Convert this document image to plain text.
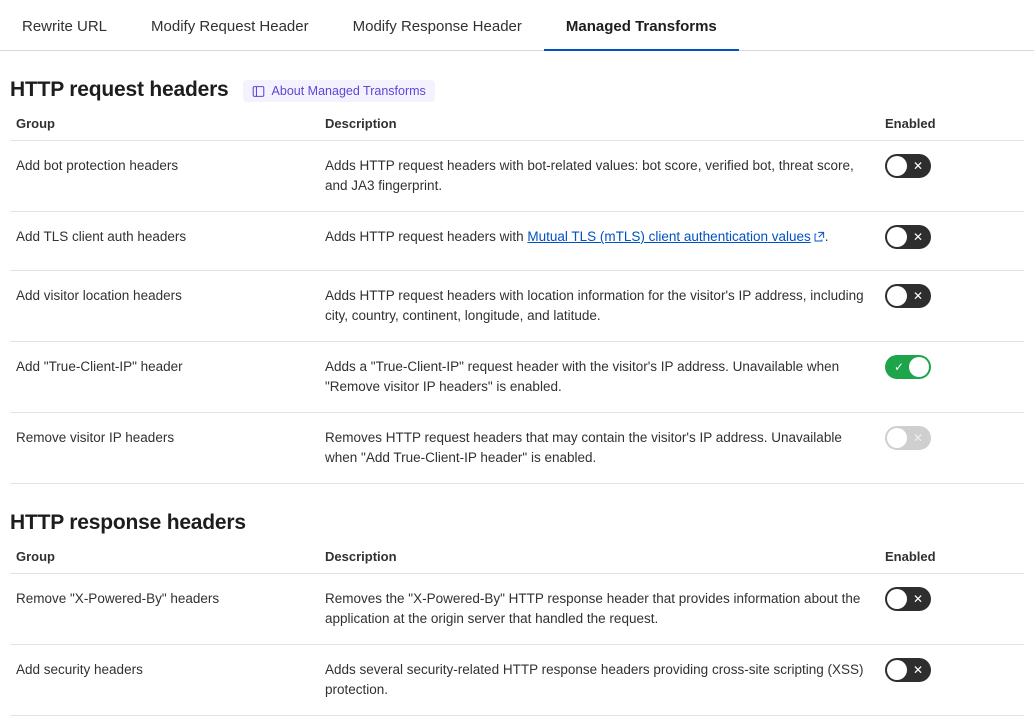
Rewrite URL	Modify Request Header	Modify Response Header	Managed Transforms
HTTP request headers	About Managed Transforms
Group	Description	Enabled
Add bot protection headers	Adds HTTP request headers with bot-related values: bot score, verified bot, threat score, and JA3 fingerprint.	✕

Add TLS client auth headers	Adds HTTP request headers with Mutual TLS (mTLS) client authentication values .	✕

Add visitor location headers	Adds HTTP request headers with location information for the visitor's IP address, including city, country, continent, longitude, and latitude.	✕

Add "True-Client-IP" header	Adds a "True-Client-IP" request header with the visitor's IP address. Unavailable when "Remove visitor IP headers" is enabled.	✓

Remove visitor IP headers	Removes HTTP request headers that may contain the visitor's IP address. Unavailable when "Add True-Client-IP header" is enabled.	✕
HTTP response headers
Group	Description	Enabled
Remove "X-Powered-By" headers	Removes the "X-Powered-By" HTTP response header that provides information about the application at the origin server that handled the request.	✕

Add security headers	Adds several security-related HTTP response headers providing cross-site scripting (XSS) protection.	✕
